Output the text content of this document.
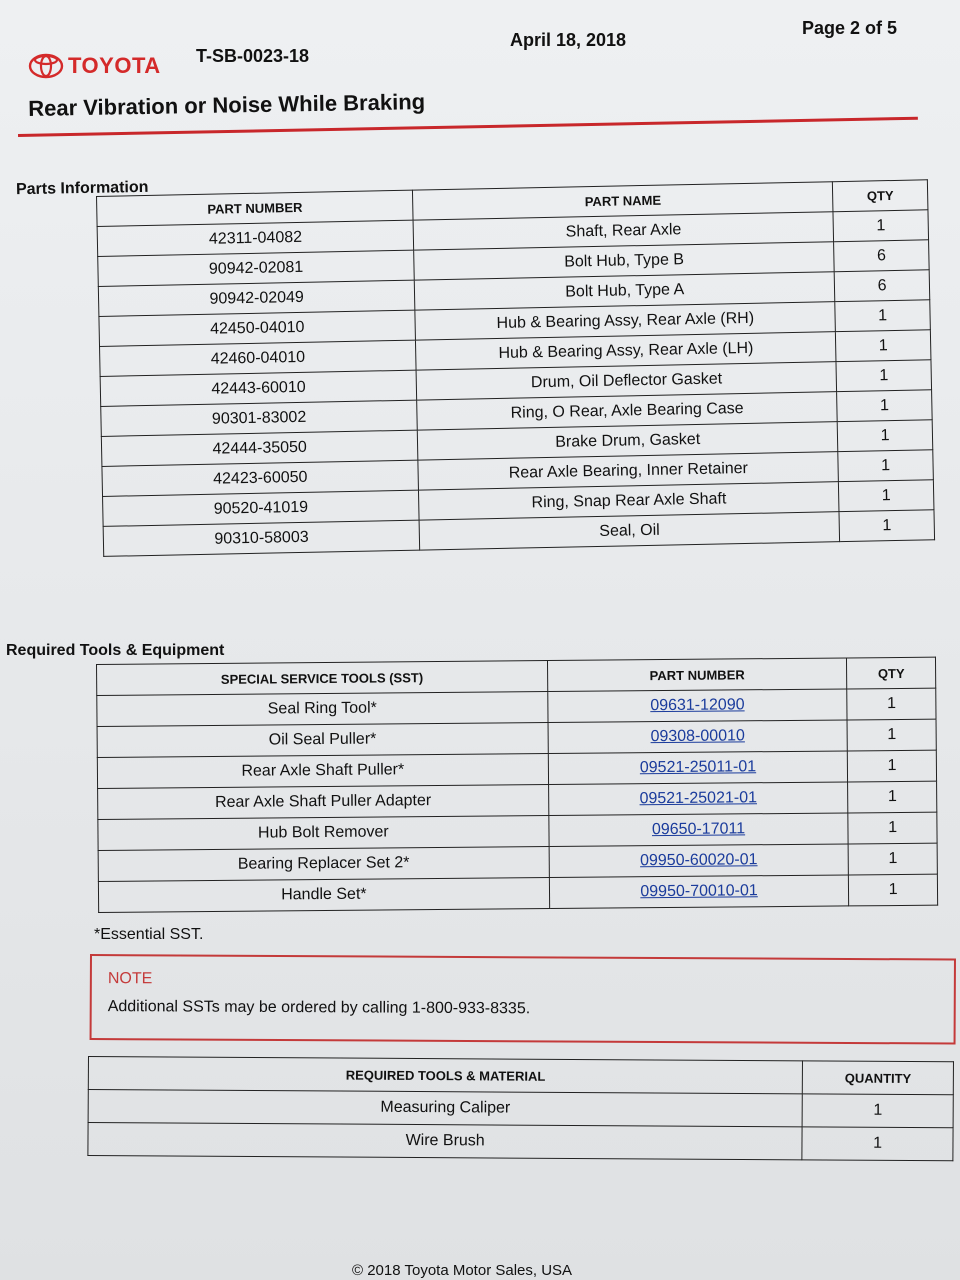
TOYOTA T-SB-0023-18
April 18, 2018
Page 2 of 5
Rear Vibration or Noise While Braking
Parts Information
PART NUMBER	PART NAME	QTY
42311-04082	Shaft, Rear Axle	1
90942-02081	Bolt Hub, Type B	6
90942-02049	Bolt Hub, Type A	6
42450-04010	Hub & Bearing Assy, Rear Axle (RH)	1
42460-04010	Hub & Bearing Assy, Rear Axle (LH)	1
42443-60010	Drum, Oil Deflector Gasket	1
90301-83002	Ring, O Rear, Axle Bearing Case	1
42444-35050	Brake Drum, Gasket	1
42423-60050	Rear Axle Bearing, Inner Retainer	1
90520-41019	Ring, Snap Rear Axle Shaft	1
90310-58003	Seal, Oil	1
Required Tools & Equipment
SPECIAL SERVICE TOOLS (SST)	PART NUMBER	QTY
Seal Ring Tool*	09631-12090	1
Oil Seal Puller*	09308-00010	1
Rear Axle Shaft Puller*	09521-25011-01	1
Rear Axle Shaft Puller Adapter	09521-25021-01	1
Hub Bolt Remover	09650-17011	1
Bearing Replacer Set 2*	09950-60020-01	1
Handle Set*	09950-70010-01	1
*Essential SST.
NOTE
Additional SSTs may be ordered by calling 1-800-933-8335.
REQUIRED TOOLS & MATERIAL	QUANTITY
Measuring Caliper	1
Wire Brush	1
© 2018 Toyota Motor Sales, USA
